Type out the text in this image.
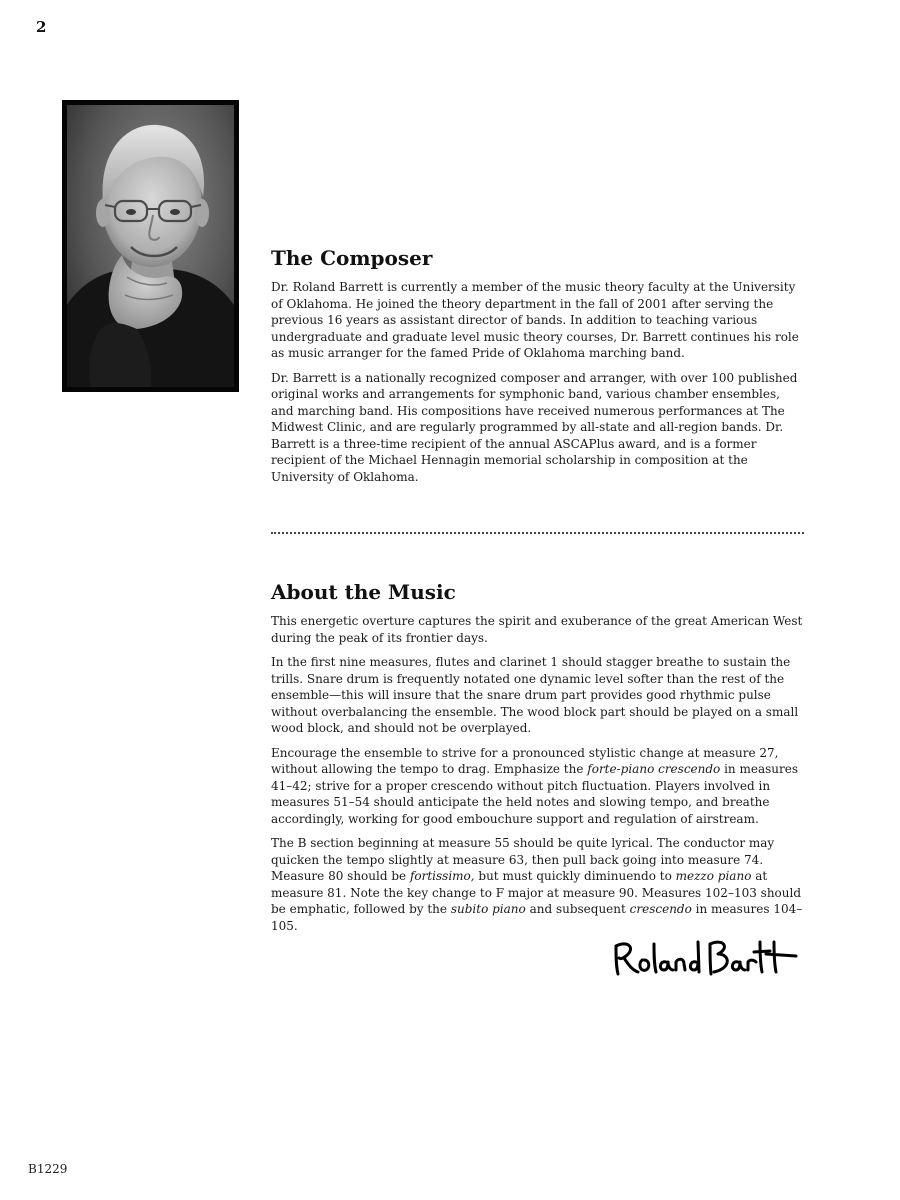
2
The Composer

Dr. Roland Barrett is currently a member of the music theory faculty at the University of Oklahoma. He joined the theory department in the fall of 2001 after serving the previous 16 years as assistant director of bands. In addition to teaching various undergraduate and graduate level music theory courses, Dr. Barrett continues his role as music arranger for the famed Pride of Oklahoma marching band.

Dr. Barrett is a nationally recognized composer and arranger, with over 100 published original works and arrangements for symphonic band, various chamber ensembles, and marching band. His compositions have received numerous performances at The Midwest Clinic, and are regularly programmed by all-state and all-region bands. Dr. Barrett is a three-time recipient of the annual ASCAPlus award, and is a former recipient of the Michael Hennagin memorial scholarship in composition at the University of Oklahoma.

About the Music

This energetic overture captures the spirit and exuberance of the great American West during the peak of its frontier days.

In the first nine measures, flutes and clarinet 1 should stagger breathe to sustain the trills. Snare drum is frequently notated one dynamic level softer than the rest of the ensemble—this will insure that the snare drum part provides good rhythmic pulse without overbalancing the ensemble. The wood block part should be played on a small wood block, and should not be overplayed.

Encourage the ensemble to strive for a pronounced stylistic change at measure 27, without allowing the tempo to drag. Emphasize the forte-piano crescendo in measures 41–42; strive for a proper crescendo without pitch fluctuation. Players involved in measures 51–54 should anticipate the held notes and slowing tempo, and breathe accordingly, working for good embouchure support and regulation of airstream.

The B section beginning at measure 55 should be quite lyrical. The conductor may quicken the tempo slightly at measure 63, then pull back going into measure 74. Measure 80 should be fortissimo, but must quickly diminuendo to mezzo piano at measure 81. Note the key change to F major at measure 90. Measures 102–103 should be emphatic, followed by the subito piano and subsequent crescendo in measures 104–105.

B1229
